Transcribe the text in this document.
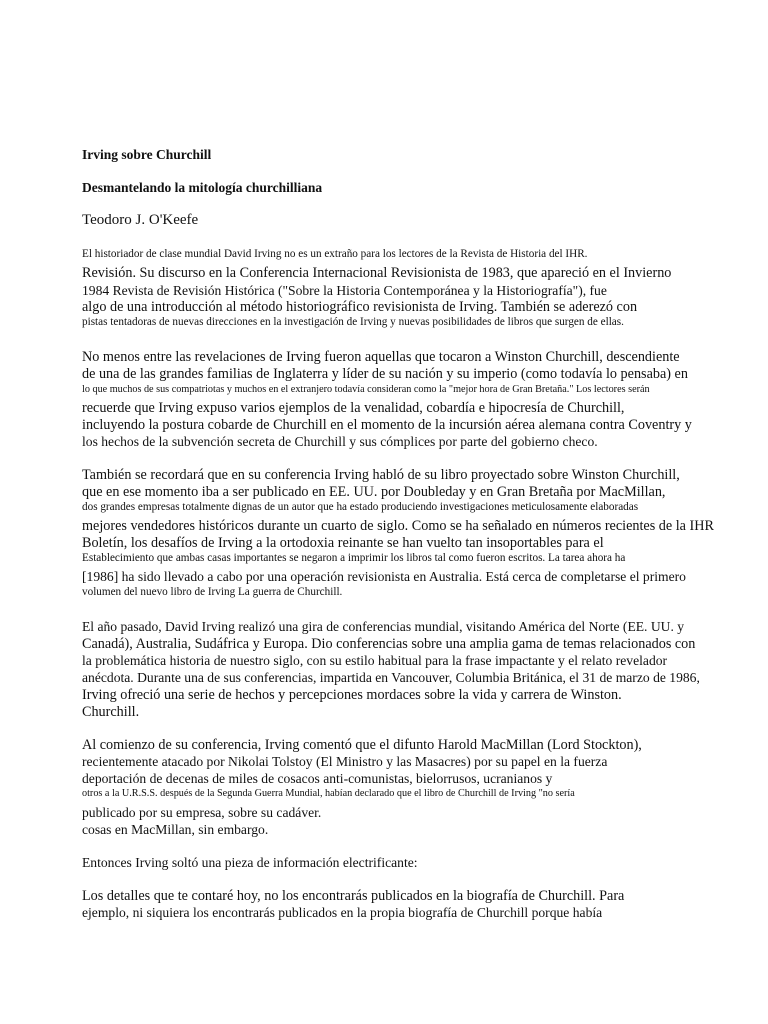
Irving sobre Churchill
Desmantelando la mitología churchilliana
Teodoro J. O'Keefe
El historiador de clase mundial David Irving no es un extraño para los lectores de la Revista de Historia del IHR.
Revisión. Su discurso en la Conferencia Internacional Revisionista de 1983, que apareció en el Invierno
1984 Revista de Revisión Histórica ("Sobre la Historia Contemporánea y la Historiografía"), fue
algo de una introducción al método historiográfico revisionista de Irving. También se aderezó con
pistas tentadoras de nuevas direcciones en la investigación de Irving y nuevas posibilidades de libros que surgen de ellas.
No menos entre las revelaciones de Irving fueron aquellas que tocaron a Winston Churchill, descendiente
de una de las grandes familias de Inglaterra y líder de su nación y su imperio (como todavía lo pensaba) en
lo que muchos de sus compatriotas y muchos en el extranjero todavía consideran como la "mejor hora de Gran Bretaña." Los lectores serán
recuerde que Irving expuso varios ejemplos de la venalidad, cobardía e hipocresía de Churchill,
incluyendo la postura cobarde de Churchill en el momento de la incursión aérea alemana contra Coventry y
los hechos de la subvención secreta de Churchill y sus cómplices por parte del gobierno checo.
También se recordará que en su conferencia Irving habló de su libro proyectado sobre Winston Churchill,
que en ese momento iba a ser publicado en EE. UU. por Doubleday y en Gran Bretaña por MacMillan,
dos grandes empresas totalmente dignas de un autor que ha estado produciendo investigaciones meticulosamente elaboradas
mejores vendedores históricos durante un cuarto de siglo. Como se ha señalado en números recientes de la IHR
Boletín, los desafíos de Irving a la ortodoxia reinante se han vuelto tan insoportables para el
Establecimiento que ambas casas importantes se negaron a imprimir los libros tal como fueron escritos. La tarea ahora ha
[1986] ha sido llevado a cabo por una operación revisionista en Australia. Está cerca de completarse el primero
volumen del nuevo libro de Irving La guerra de Churchill.
El año pasado, David Irving realizó una gira de conferencias mundial, visitando América del Norte (EE. UU. y
Canadá), Australia, Sudáfrica y Europa. Dio conferencias sobre una amplia gama de temas relacionados con
la problemática historia de nuestro siglo, con su estilo habitual para la frase impactante y el relato revelador
anécdota. Durante una de sus conferencias, impartida en Vancouver, Columbia Británica, el 31 de marzo de 1986,
Irving ofreció una serie de hechos y percepciones mordaces sobre la vida y carrera de Winston.
Churchill.
Al comienzo de su conferencia, Irving comentó que el difunto Harold MacMillan (Lord Stockton),
recientemente atacado por Nikolai Tolstoy (El Ministro y las Masacres) por su papel en la fuerza
deportación de decenas de miles de cosacos anti-comunistas, bielorrusos, ucranianos y
otros a la U.R.S.S. después de la Segunda Guerra Mundial, habían declarado que el libro de Churchill de Irving "no sería
publicado por su empresa, sobre su cadáver.
cosas en MacMillan, sin embargo.
Entonces Irving soltó una pieza de información electrificante:
Los detalles que te contaré hoy, no los encontrarás publicados en la biografía de Churchill. Para
ejemplo, ni siquiera los encontrarás publicados en la propia biografía de Churchill porque había
